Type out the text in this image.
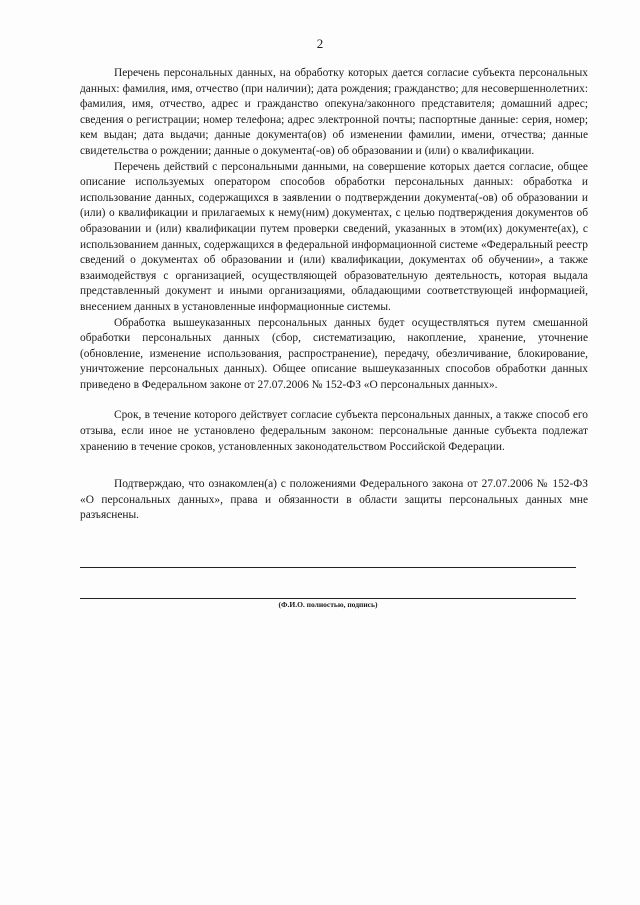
2

Перечень персональных данных, на обработку которых дается согласие субъекта персональных данных: фамилия, имя, отчество (при наличии); дата рождения; гражданство; для несовершеннолетних: фамилия, имя, отчество, адрес и гражданство опекуна/законного представителя; домашний адрес; сведения о регистрации; номер телефона; адрес электронной почты; паспортные данные: серия, номер; кем выдан; дата выдачи; данные документа(ов) об изменении фамилии, имени, отчества; данные свидетельства о рождении; данные о документа(-ов) об образовании и (или) о квалификации.

Перечень действий с персональными данными, на совершение которых дается согласие, общее описание используемых оператором способов обработки персональных данных: обработка и использование данных, содержащихся в заявлении о подтверждении документа(-ов) об образовании и (или) о квалификации и прилагаемых к нему(ним) документах, с целью подтверждения документов об образовании и (или) квалификации путем проверки сведений, указанных в этом(их) документе(ах), с использованием данных, содержащихся в федеральной информационной системе «Федеральный реестр сведений о документах об образовании и (или) квалификации, документах об обучении», а также взаимодействуя с организацией, осуществляющей образовательную деятельность, которая выдала представленный документ и иными организациями, обладающими соответствующей информацией, внесением данных в установленные информационные системы.

Обработка вышеуказанных персональных данных будет осуществляться путем смешанной обработки персональных данных (сбор, систематизацию, накопление, хранение, уточнение (обновление, изменение использования, распространение), передачу, обезличивание, блокирование, уничтожение персональных данных). Общее описание вышеуказанных способов обработки данных приведено в Федеральном законе от 27.07.2006 № 152-ФЗ «О персональных данных».

Срок, в течение которого действует согласие субъекта персональных данных, а также способ его отзыва, если иное не установлено федеральным законом: персональные данные субъекта подлежат хранению в течение сроков, установленных законодательством Российской Федерации.

Подтверждаю, что ознакомлен(а) с положениями Федерального закона от 27.07.2006 № 152-ФЗ «О персональных данных», права и обязанности в области защиты персональных данных мне разъяснены.

(Ф.И.О. полностью, подпись)
